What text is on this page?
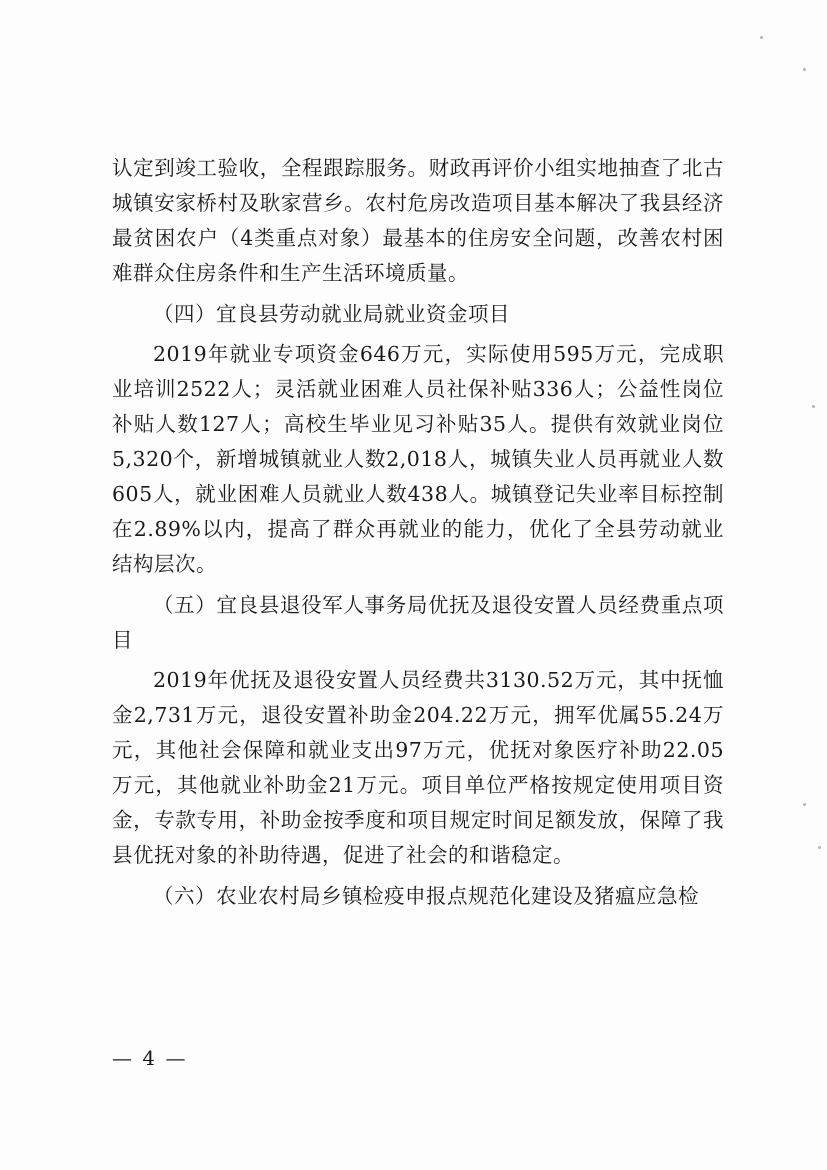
认定到竣工验收，全程跟踪服务。财政再评价小组实地抽查了北古城镇安家桥村及耿家营乡。农村危房改造项目基本解决了我县经济最贫困农户（4类重点对象）最基本的住房安全问题，改善农村困难群众住房条件和生产生活环境质量。

（四）宜良县劳动就业局就业资金项目

2019年就业专项资金646万元，实际使用595万元，完成职业培训2522人；灵活就业困难人员社保补贴336人；公益性岗位补贴人数127人；高校生毕业见习补贴35人。提供有效就业岗位5,320个，新增城镇就业人数2,018人，城镇失业人员再就业人数605人，就业困难人员就业人数438人。城镇登记失业率目标控制在2.89%以内，提高了群众再就业的能力，优化了全县劳动就业结构层次。

（五）宜良县退役军人事务局优抚及退役安置人员经费重点项目

2019年优抚及退役安置人员经费共3130.52万元，其中抚恤金2,731万元，退役安置补助金204.22万元，拥军优属55.24万元，其他社会保障和就业支出97万元，优抚对象医疗补助22.05万元，其他就业补助金21万元。项目单位严格按规定使用项目资金，专款专用，补助金按季度和项目规定时间足额发放，保障了我县优抚对象的补助待遇，促进了社会的和谐稳定。

（六）农业农村局乡镇检疫申报点规范化建设及猪瘟应急检

— 4 —
